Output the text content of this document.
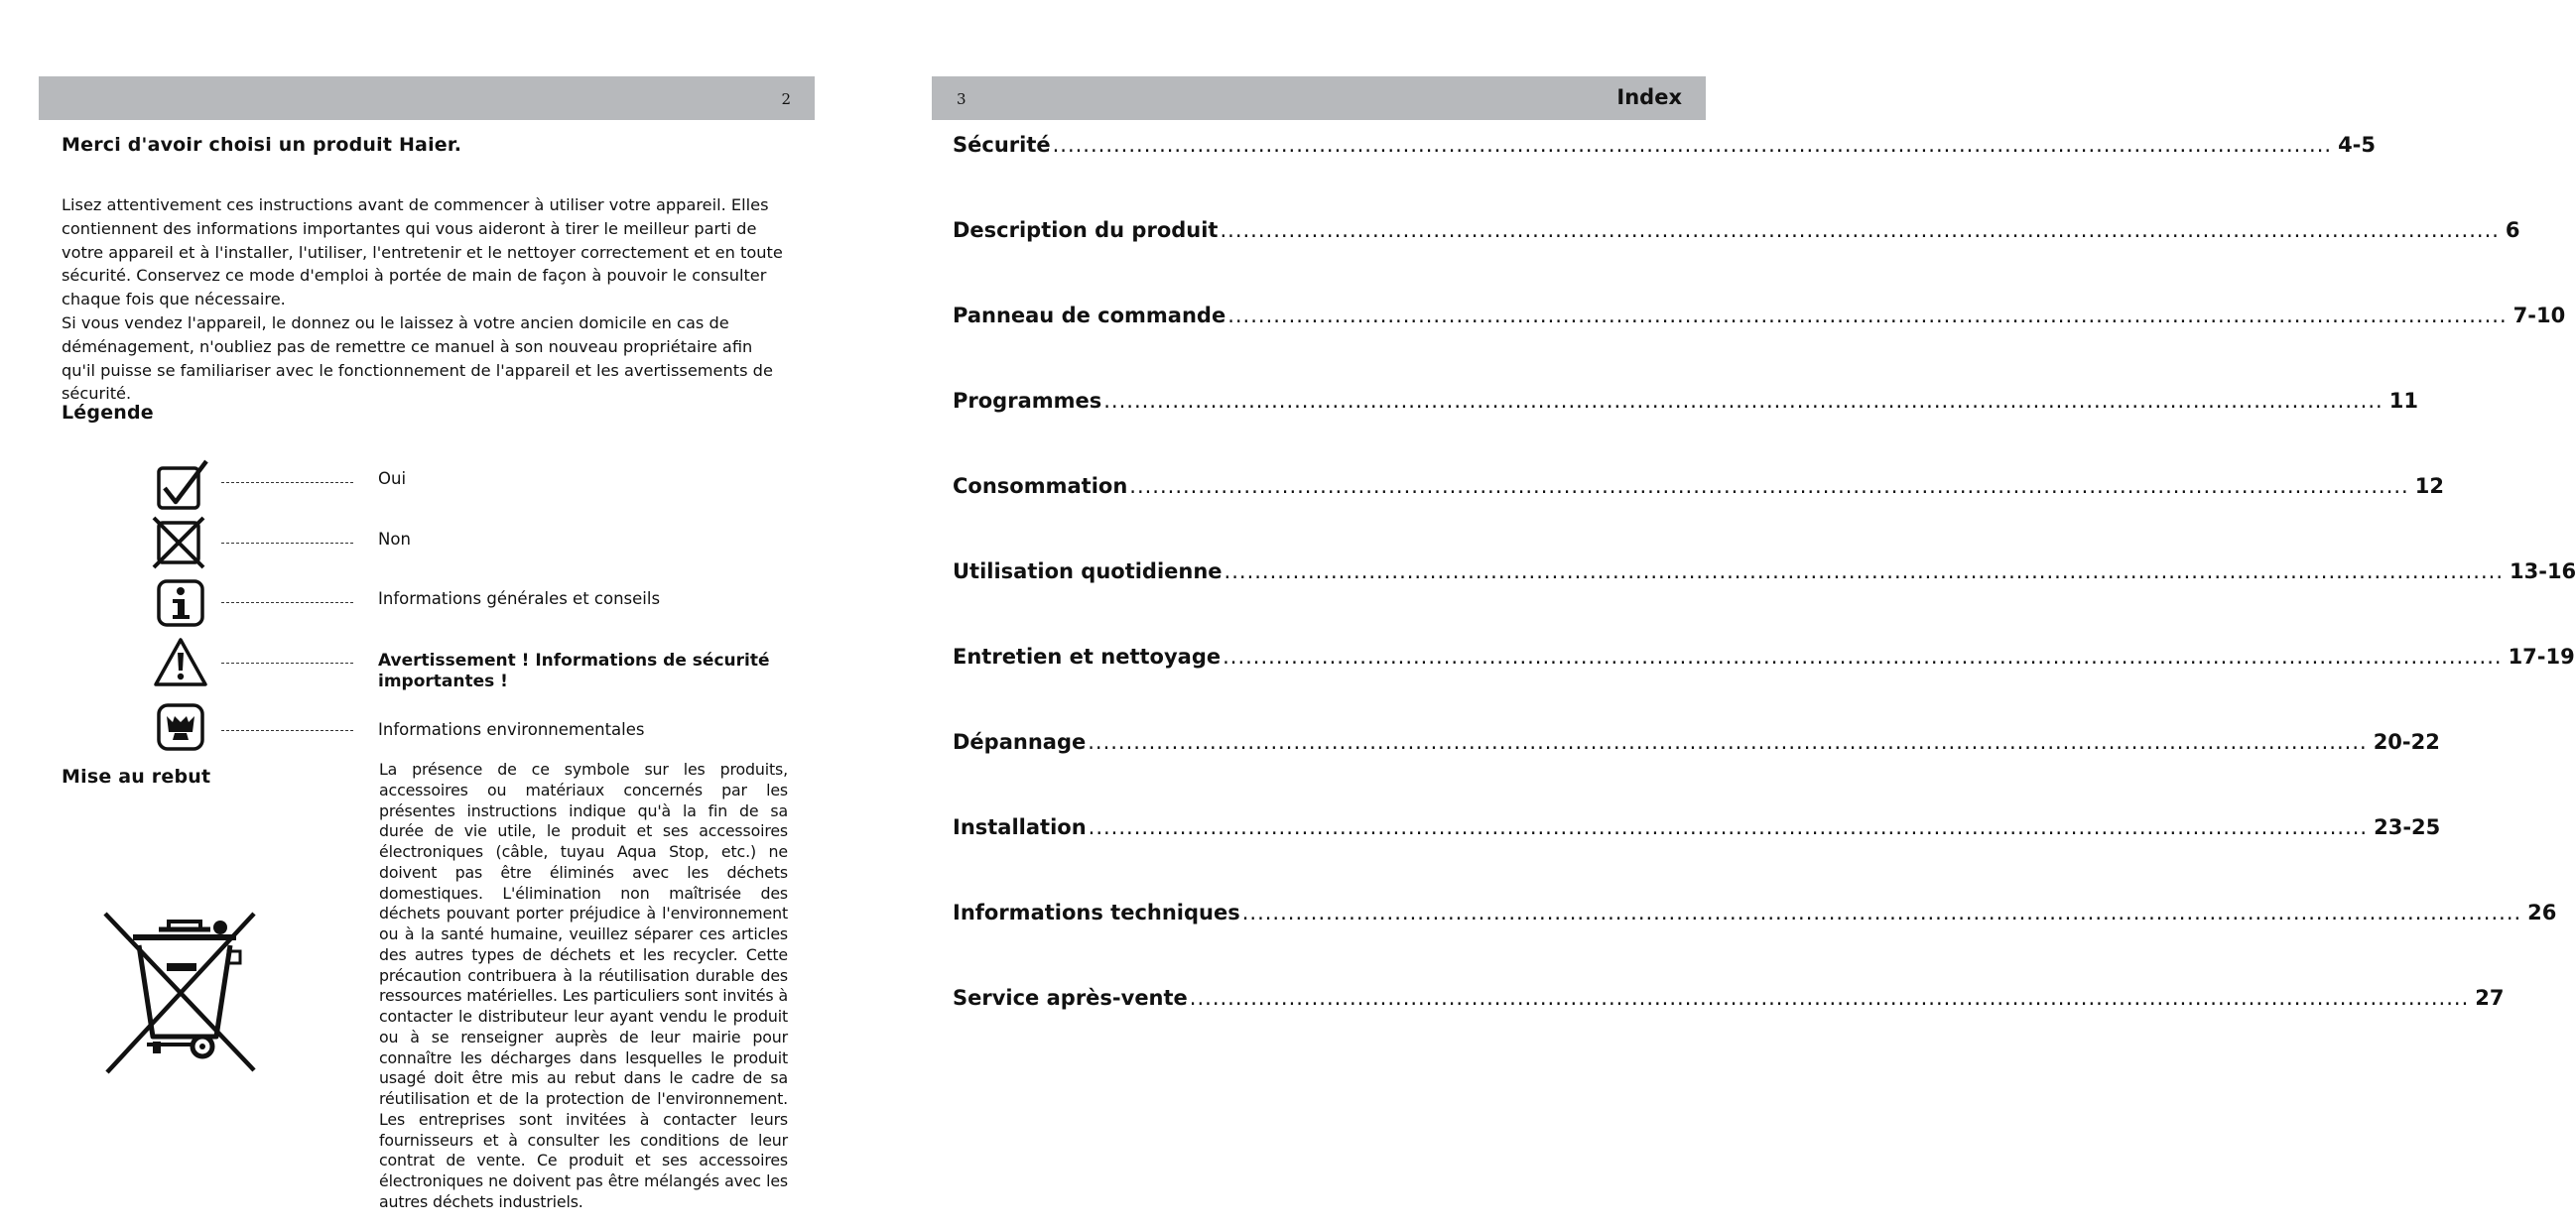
2
Merci d'avoir choisi un produit Haier.

Lisez attentivement ces instructions avant de commencer à utiliser votre appareil. Elles contiennent des informations importantes qui vous aideront à tirer le meilleur parti de votre appareil et à l'installer, l'utiliser, l'entretenir et le nettoyer correctement et en toute sécurité. Conservez ce mode d'emploi à portée de main de façon à pouvoir le consulter chaque fois que nécessaire.

Si vous vendez l'appareil, le donnez ou le laissez à votre ancien domicile en cas de déménagement, n'oubliez pas de remettre ce manuel à son nouveau propriétaire afin qu'il puisse se familiariser avec le fonctionnement de l'appareil et les avertissements de sécurité.

Légende
Oui
Non
Informations générales et conseils
Avertissement ! Informations de sécurité importantes !
Informations environnementales
Mise au rebut	La présence de ce symbole sur les produits, accessoires ou matériaux concernés par les présentes instructions indique qu'à la fin de sa durée de vie utile, le produit et ses accessoires électroniques (câble, tuyau Aqua Stop, etc.) ne doivent pas être éliminés avec les déchets domestiques. L'élimination non maîtrisée des déchets pouvant porter préjudice à l'environnement ou à la santé humaine, veuillez séparer ces articles des autres types de déchets et les recycler. Cette précaution contribuera à la réutilisation durable des ressources matérielles. Les particuliers sont invités à contacter le distributeur leur ayant vendu le produit ou à se renseigner auprès de leur mairie pour connaître les décharges dans lesquelles le produit usagé doit être mis au rebut dans le cadre de sa réutilisation et de la protection de l'environnement. Les entreprises sont invitées à contacter leurs fournisseurs et à consulter les conditions de leur contrat de vente. Ce produit et ses accessoires électroniques ne doivent pas être mélangés avec les autres déchets industriels.
3	Index
Sécurité ........................................................................................................................................................................ 4-5
Description du produit ........................................................................................................................................................................ 6
Panneau de commande ........................................................................................................................................................................ 7-10
Programmes ........................................................................................................................................................................ 11
Consommation ........................................................................................................................................................................ 12
Utilisation quotidienne ........................................................................................................................................................................ 13-16
Entretien et nettoyage ........................................................................................................................................................................ 17-19
Dépannage ........................................................................................................................................................................ 20-22
Installation ........................................................................................................................................................................ 23-25
Informations techniques ........................................................................................................................................................................ 26
Service après-vente ........................................................................................................................................................................ 27
